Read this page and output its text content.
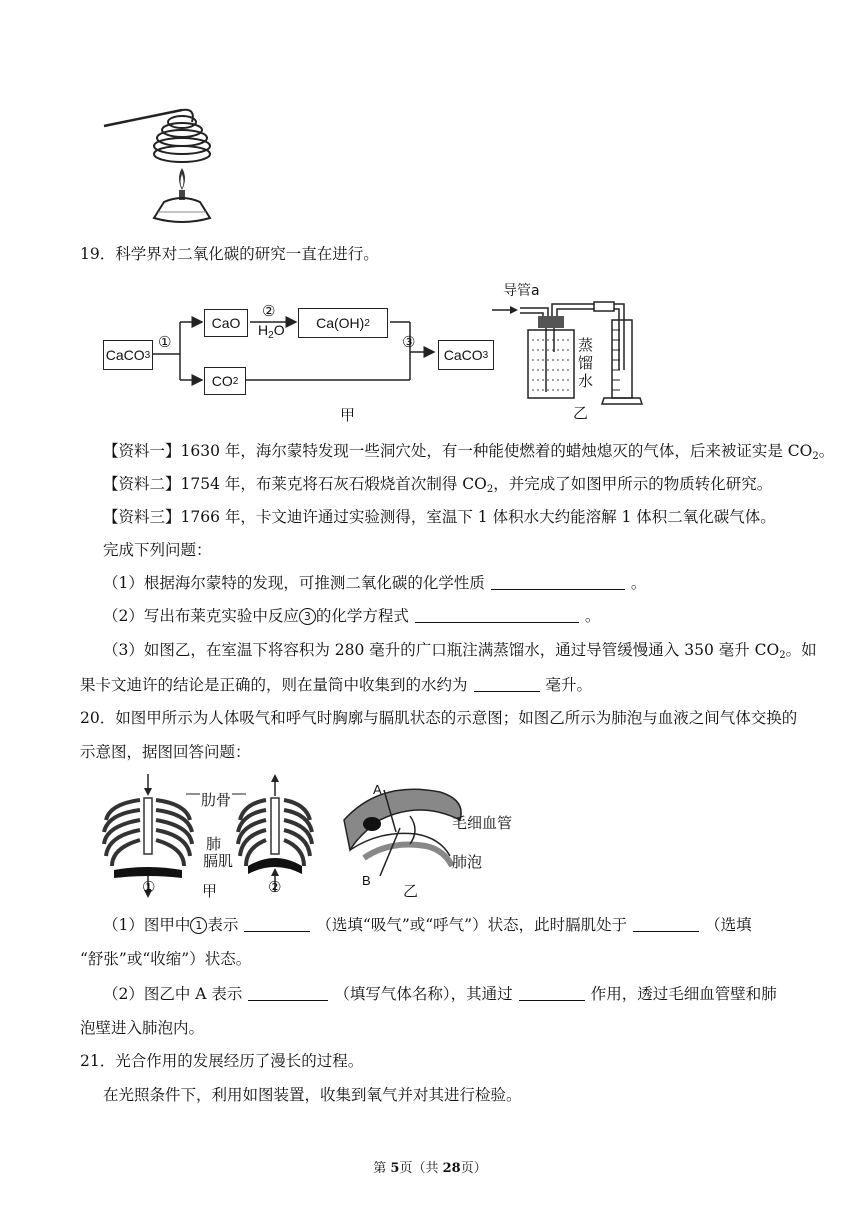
19．科学界对二氧化碳的研究一直在进行。
CaCO 3
①
CaO
②
$H_2O$ Ca(OH) 2
③
CaCO 3
CO 2
甲
导管a
蒸馏水
乙
【资料一】1630 年，海尔蒙特发现一些洞穴处，有一种能使燃着的蜡烛熄灭的气体，后来被证实是 $CO_2$。
【资料二】1754 年，布莱克将石灰石煅烧首次制得 $CO_2$，并完成了如图甲所示的物质转化研究。
【资料三】1766 年，卡文迪许通过实验测得，室温下 1 体积水大约能溶解 1 体积二氧化碳气体。
完成下列问题：
（1）根据海尔蒙特的发现，可推测二氧化碳的化学性质	。
（2）写出布莱克实验中反应 3 的化学方程式	。
（3）如图乙，在室温下将容积为 280 毫升的广口瓶注满蒸馏水，通过导管缓慢通入 350 毫升 $CO_2$。如
果卡文迪许的结论是正确的，则在量筒中收集到的水约为	毫升。
20．如图甲所示为人体吸气和呼气时胸廓与膈肌状态的示意图；如图乙所示为肺泡与血液之间气体交换的
示意图，据图回答问题：
肋骨
肺
膈肌
①	甲	②
A
B
毛细血管
肺泡
乙
（1）图甲中 1 表示	（选填“吸气”或“呼气”）状态，此时膈肌处于	（选填
“舒张”或“收缩”）状态。
（2）图乙中 A 表示	（填写气体名称），其通过	作用，透过毛细血管壁和肺
泡壁进入肺泡内。
21．光合作用的发展经历了漫长的过程。
在光照条件下，利用如图装置，收集到氧气并对其进行检验。
第 5页（共 28页）
